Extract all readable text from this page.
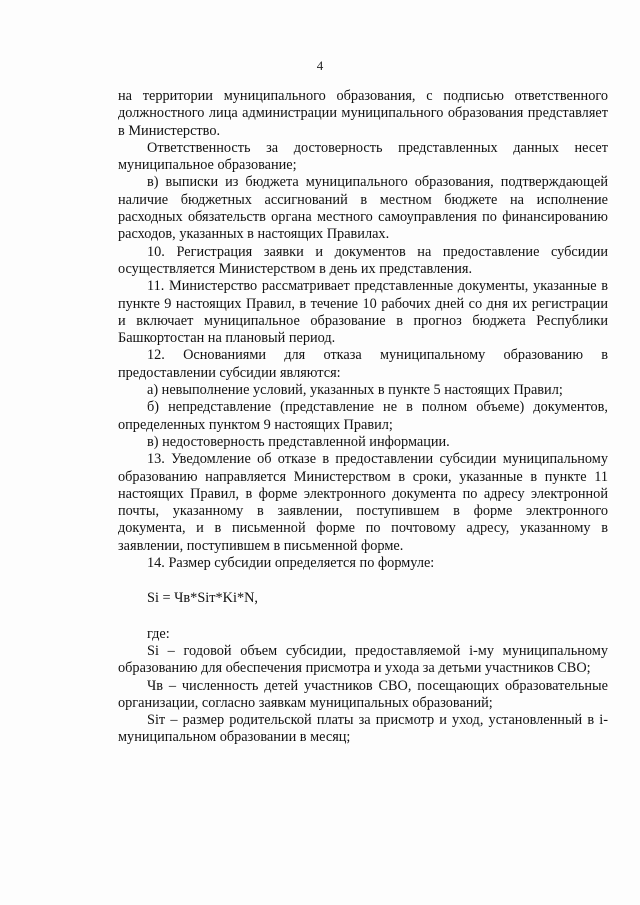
4

на территории муниципального образования, с подписью ответственного должностного лица администрации муниципального образования представляет в Министерство.

Ответственность за достоверность представленных данных несет муниципальное образование;

в) выписки из бюджета муниципального образования, подтверждающей наличие бюджетных ассигнований в местном бюджете на исполнение расходных обязательств органа местного самоуправления по финансированию расходов, указанных в настоящих Правилах.

10. Регистрация заявки и документов на предоставление субсидии осуществляется Министерством в день их представления.

11. Министерство рассматривает представленные документы, указанные в пункте 9 настоящих Правил, в течение 10 рабочих дней со дня их регистрации и включает муниципальное образование в прогноз бюджета Республики Башкортостан на плановый период.

12. Основаниями для отказа муниципальному образованию в предоставлении субсидии являются:

а) невыполнение условий, указанных в пункте 5 настоящих Правил;

б) непредставление (представление не в полном объеме) документов, определенных пунктом 9 настоящих Правил;

в) недостоверность представленной информации.

13. Уведомление об отказе в предоставлении субсидии муниципальному образованию направляется Министерством в сроки, указанные в пункте 11 настоящих Правил, в форме электронного документа по адресу электронной почты, указанному в заявлении, поступившем в форме электронного документа, и в письменной форме по почтовому адресу, указанному в заявлении, поступившем в письменной форме.

14. Размер субсидии определяется по формуле:

Si = Чв*Siт*Ki*N,

где:

Si – годовой объем субсидии, предоставляемой i-му муниципальному образованию для обеспечения присмотра и ухода за детьми участников СВО;

Чв – численность детей участников СВО, посещающих образовательные организации, согласно заявкам муниципальных образований;

Siт – размер родительской платы за присмотр и уход, установленный в i-муниципальном образовании в месяц;
